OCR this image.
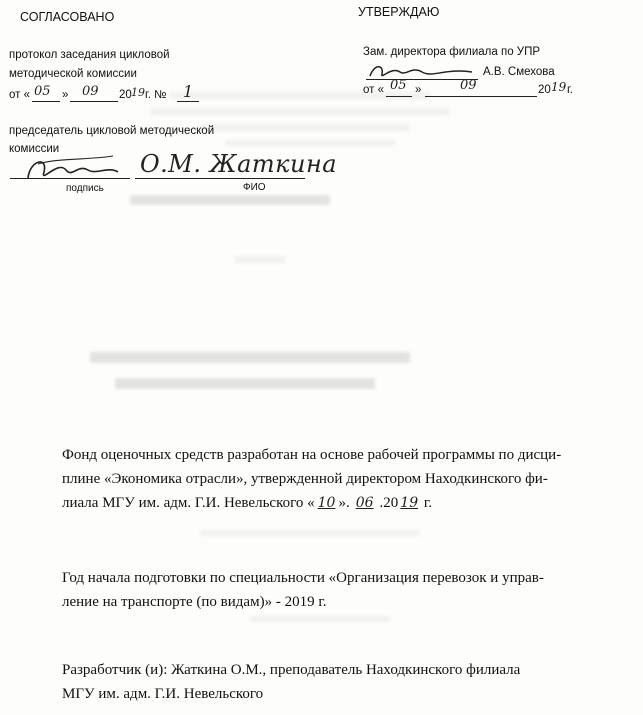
СОГЛАСОВАНО
протокол заседания цикловой
методической комиссии
от « 05 » 09 20 19 г. № 1
председатель цикловой методической
комиссии
О.М. Жаткина
подпись	ФИО
УТВЕРЖДАЮ
Зам. директора филиала по УПР
А.В. Смехова
от « 05 »	09	20 19 г.
Фонд оценочных средств разработан на основе рабочей программы по дисци-
плине «Экономика отрасли», утвержденной директором Находкинского фи-
лиала МГУ им. адм. Г.И. Невельского « 10 ». 06 .20 19 г.
Год начала подготовки по специальности «Организация перевозок и управ-
ление на транспорте (по видам)» - 2019 г.
Разработчик (и): Жаткина О.М., преподаватель Находкинского филиала
МГУ им. адм. Г.И. Невельского
